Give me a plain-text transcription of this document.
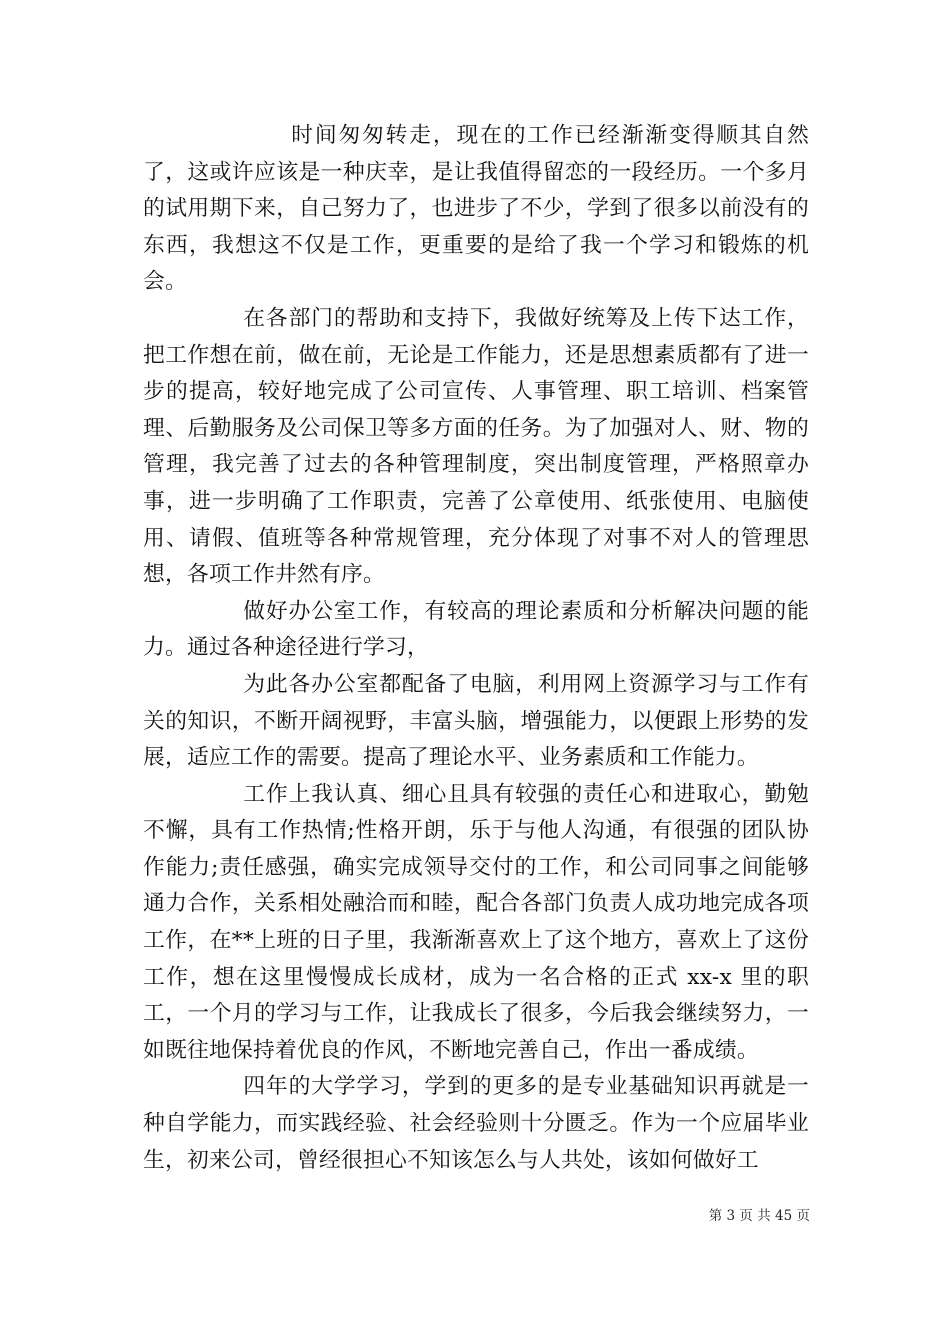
时间匆匆转走，现在的工作已经渐渐变得顺其自然了，这或许应该是一种庆幸，是让我值得留恋的一段经历。一个多月的试用期下来，自己努力了，也进步了不少，学到了很多以前没有的东西，我想这不仅是工作，更重要的是给了我一个学习和锻炼的机会。

在各部门的帮助和支持下，我做好统筹及上传下达工作，把工作想在前，做在前，无论是工作能力，还是思想素质都有了进一步的提高，较好地完成了公司宣传、人事管理、职工培训、档案管理、后勤服务及公司保卫等多方面的任务。为了加强对人、财、物的管理，我完善了过去的各种管理制度，突出制度管理，严格照章办事，进一步明确了工作职责，完善了公章使用、纸张使用、电脑使用、请假、值班等各种常规管理，充分体现了对事不对人的管理思想，各项工作井然有序。

做好办公室工作，有较高的理论素质和分析解决问题的能力。通过各种途径进行学习，

为此各办公室都配备了电脑，利用网上资源学习与工作有关的知识，不断开阔视野，丰富头脑，增强能力，以便跟上形势的发展，适应工作的需要。提高了理论水平、业务素质和工作能力。

工作上我认真、细心且具有较强的责任心和进取心，勤勉不懈，具有工作热情;性格开朗，乐于与他人沟通，有很强的团队协作能力;责任感强，确实完成领导交付的工作，和公司同事之间能够通力合作，关系相处融洽而和睦，配合各部门负责人成功地完成各项工作，在**上班的日子里，我渐渐喜欢上了这个地方，喜欢上了这份工作，想在这里慢慢成长成材，成为一名合格的正式 xx-x 里的职工，一个月的学习与工作，让我成长了很多，今后我会继续努力，一如既往地保持着优良的作风，不断地完善自己，作出一番成绩。

四年的大学学习，学到的更多的是专业基础知识再就是一种自学能力，而实践经验、社会经验则十分匮乏。作为一个应届毕业生，初来公司，曾经很担心不知该怎么与人共处，该如何做好工

第 3 页 共 45 页
